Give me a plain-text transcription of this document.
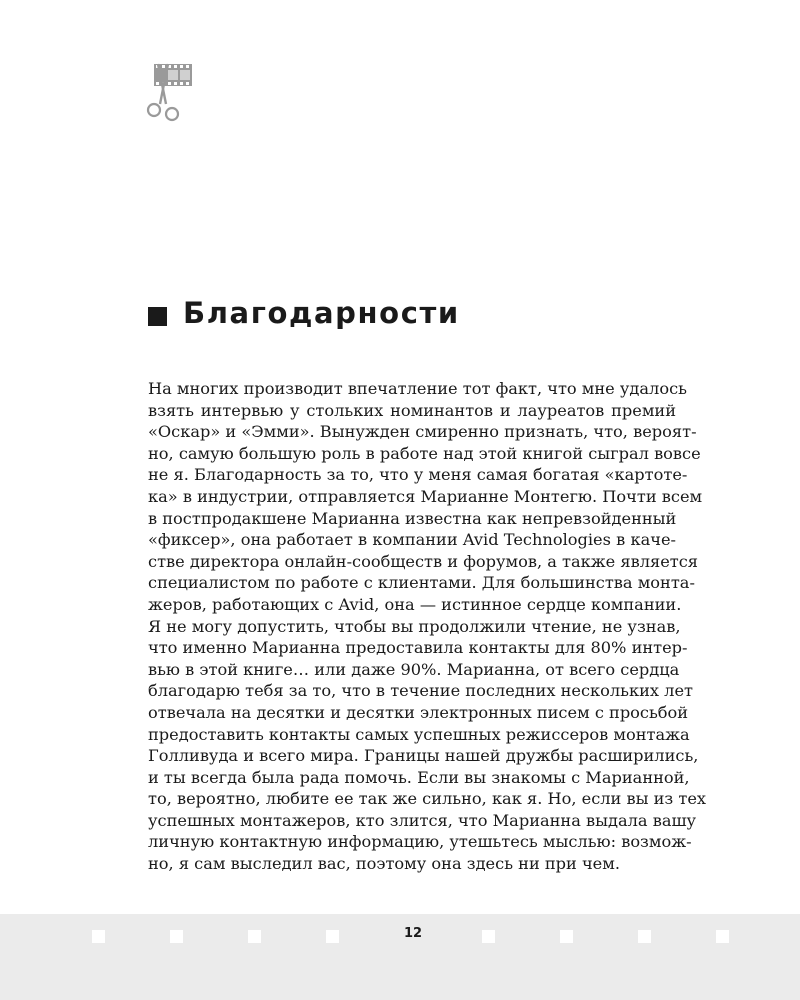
Благодарности
На многих производит впечатление тот факт, что мне удалось
взять интервью у стольких номинантов и лауреатов премий
«Оскар» и «Эмми». Вынужден смиренно признать, что, вероят-
но, самую большую роль в работе над этой книгой сыграл вовсе
не я. Благодарность за то, что у меня самая богатая «картоте-
ка» в индустрии, отправляется Марианне Монтегю. Почти всем
в постпродакшене Марианна известна как непревзойденный
«фиксер», она работает в компании Avid Technologies в каче-
стве директора онлайн-сообществ и форумов, а также является
специалистом по работе с клиентами. Для большинства монта-
жеров, работающих с Avid, она — истинное сердце компании.
Я не могу допустить, чтобы вы продолжили чтение, не узнав,
что именно Марианна предоставила контакты для 80% интер-
вью в этой книге… или даже 90%. Марианна, от всего сердца
благодарю тебя за то, что в течение последних нескольких лет
отвечала на десятки и десятки электронных писем с просьбой
предоставить контакты самых успешных режиссеров монтажа
Голливуда и всего мира. Границы нашей дружбы расширились,
и ты всегда была рада помочь. Если вы знакомы с Марианной,
то, вероятно, любите ее так же сильно, как я. Но, если вы из тех
успешных монтажеров, кто злится, что Марианна выдала вашу
личную контактную информацию, утешьтесь мыслью: возмож-
но, я сам выследил вас, поэтому она здесь ни при чем.
12
